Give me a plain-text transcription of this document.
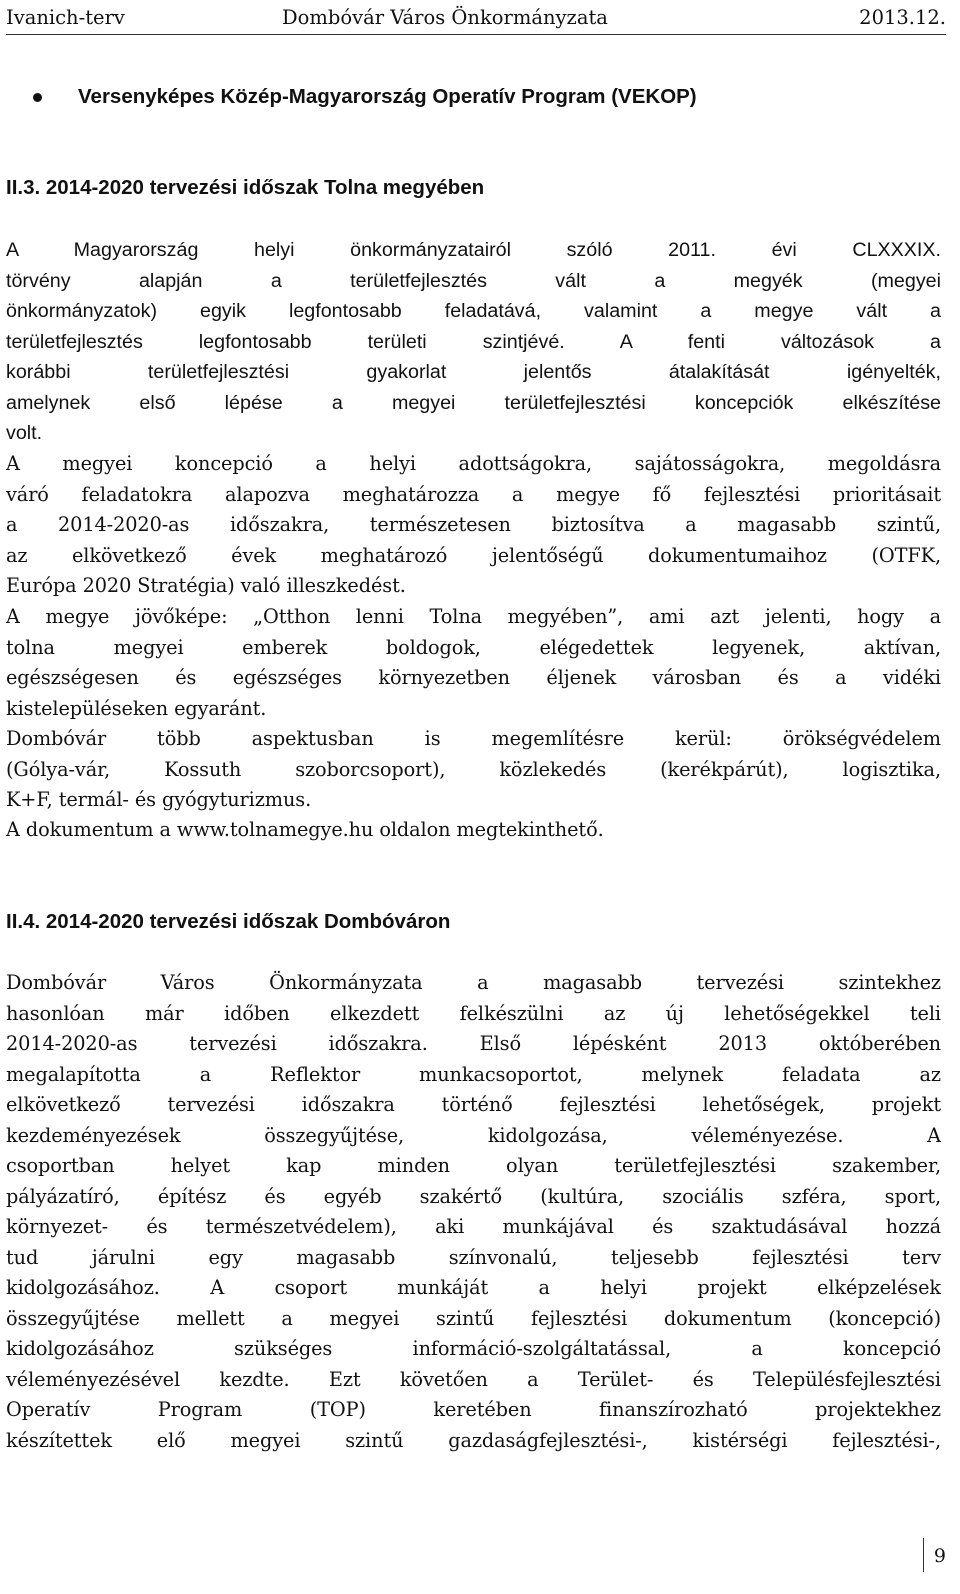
Ivanich-terv	Dombóvár Város Önkormányzata	2013.12.
Versenyképes Közép-Magyarország Operatív Program (VEKOP)
II.3. 2014-2020 tervezési időszak Tolna megyében
A Magyarország helyi önkormányzatairól szóló 2011. évi CLXXXIX.
törvény alapján a területfejlesztés vált a megyék (megyei
önkormányzatok) egyik legfontosabb feladatává, valamint a megye vált a
területfejlesztés legfontosabb területi szintjévé. A fenti változások a
korábbi területfejlesztési gyakorlat jelentős átalakítását igényelték,
amelynek első lépése a megyei területfejlesztési koncepciók elkészítése
volt.
A megyei koncepció a helyi adottságokra, sajátosságokra, megoldásra
váró feladatokra alapozva meghatározza a megye fő fejlesztési prioritásait
a 2014-2020-as időszakra, természetesen biztosítva a magasabb szintű,
az elkövetkező évek meghatározó jelentőségű dokumentumaihoz (OTFK,
Európa 2020 Stratégia) való illeszkedést.
A megye jövőképe: „Otthon lenni Tolna megyében”, ami azt jelenti, hogy a
tolna megyei emberek boldogok, elégedettek legyenek, aktívan,
egészségesen és egészséges környezetben éljenek városban és a vidéki
kistelepüléseken egyaránt.
Dombóvár több aspektusban is megemlítésre kerül: örökségvédelem
(Gólya-vár, Kossuth szoborcsoport), közlekedés (kerékpárút), logisztika,
K+F, termál- és gyógyturizmus.
A dokumentum a www.tolnamegye.hu oldalon megtekinthető.
II.4. 2014-2020 tervezési időszak Dombóváron
Dombóvár Város Önkormányzata a magasabb tervezési szintekhez
hasonlóan már időben elkezdett felkészülni az új lehetőségekkel teli
2014-2020-as tervezési időszakra. Első lépésként 2013 októberében
megalapította a Reflektor munkacsoportot, melynek feladata az
elkövetkező tervezési időszakra történő fejlesztési lehetőségek, projekt
kezdeményezések összegyűjtése, kidolgozása, véleményezése. A
csoportban helyet kap minden olyan területfejlesztési szakember,
pályázatíró, építész és egyéb szakértő (kultúra, szociális szféra, sport,
környezet- és természetvédelem), aki munkájával és szaktudásával hozzá
tud járulni egy magasabb színvonalú, teljesebb fejlesztési terv
kidolgozásához. A csoport munkáját a helyi projekt elképzelések
összegyűjtése mellett a megyei szintű fejlesztési dokumentum (koncepció)
kidolgozásához szükséges információ-szolgáltatással, a koncepció
véleményezésével kezdte. Ezt követően a Terület- és Településfejlesztési
Operatív Program (TOP) keretében finanszírozható projektekhez
készítettek elő megyei szintű gazdaságfejlesztési-, kistérségi fejlesztési-,
9
